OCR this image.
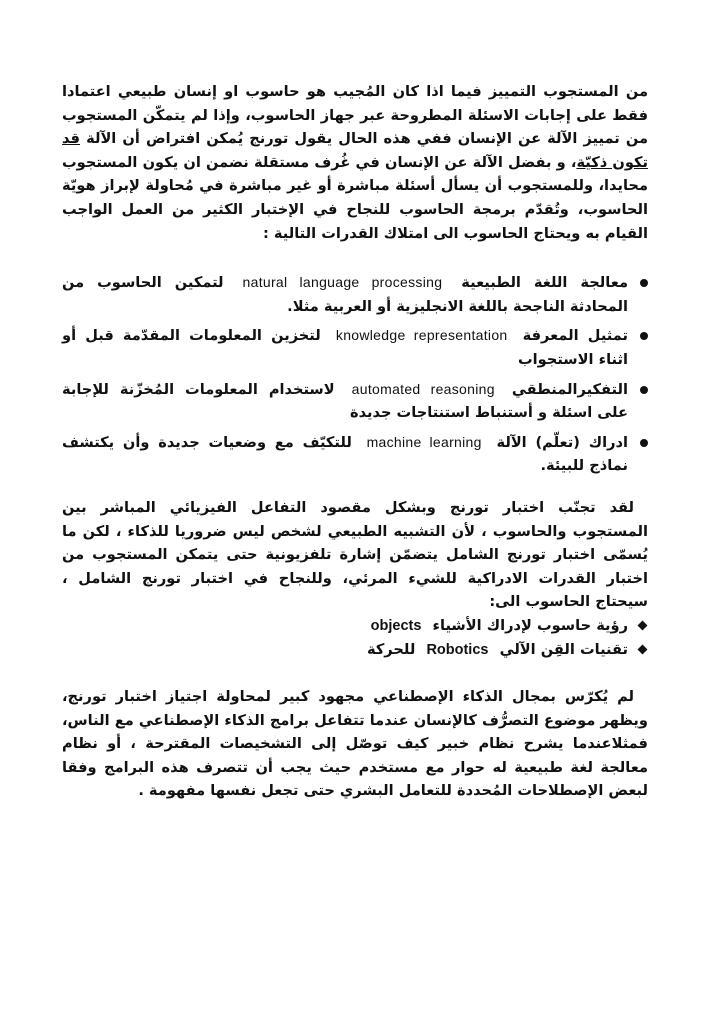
من المستجوب التمييز فيما اذا كان المُجيب هو حاسوب او إنسان طبيعي اعتمادا فقط على إجابات الاسئلة المطروحة عبر جهاز الحاسوب، وإذا لم يتمكّن المستجوب من تمييز الآلة عن الإنسان ففي هذه الحال يقول تورنج يُمكن افتراض أن الآلة قد تكون ذكيّة، و بفضل الآلة عن الإنسان في غُرف مستقلة نضمن ان يكون المستجوب محايدا، وللمستجوب أن يسأل أسئلة مباشرة أو غير مباشرة في مُحاولة لإبراز هويّة الحاسوب، وتُقدّم برمجة الحاسوب للنجاح في الإختبار الكثير من العمل الواجب القيام به ويحتاج الحاسوب الى امتلاك القدرات التالية :

معالجة اللغة الطبيعية natural language processing لتمكين الحاسوب من المحادثة الناجحة باللغة الانجليزية أو العربية مثلا.
تمثيل المعرفة knowledge representation لتخزين المعلومات المقدّمة قبل أو اثناء الاستجواب
التفكيرالمنطقي automated reasoning لاستخدام المعلومات المُخزّنة للإجابة على اسئلة و أستنباط استنتاجات جديدة
ادراك (تعلّم) الآلة machine learning للتكيّف مع وضعيات جديدة وأن يكتشف نماذج للبيئة.

لقد تجنّب اختبار تورنج وبشكل مقصود التفاعل الفيزيائي المباشر بين المستجوب والحاسوب ، لأن التشبيه الطبيعي لشخص ليس ضروريا للذكاء ، لكن ما يُسمّى اختبار تورنج الشامل يتضمّن إشارة تلفزيونية حتى يتمكن المستجوب من اختبار القدرات الادراكية للشيء المرئي، وللنجاح في اختبار تورنج الشامل ، سيحتاج الحاسوب الى:

رؤية حاسوب لإدراك الأشياء objects
تقنيات القِن الآلي Robotics للحركة

لم يُكرّس بمجال الذكاء الإصطناعي مجهود كبير لمحاولة اجتياز اختبار تورنج، ويظهر موضوع التصرُّف كالإنسان عندما تتفاعل برامج الذكاء الإصطناعي مع الناس، فمثلاعندما يشرح نظام خبير كيف توصّل إلى التشخيصات المقترحة ، أو نظام معالجة لغة طبيعية له حوار مع مستخدم حيث يجب أن تتصرف هذه البرامج وفقا لبعض الإصطلاحات المُحددة للتعامل البشري حتى تجعل نفسها مفهومة .
